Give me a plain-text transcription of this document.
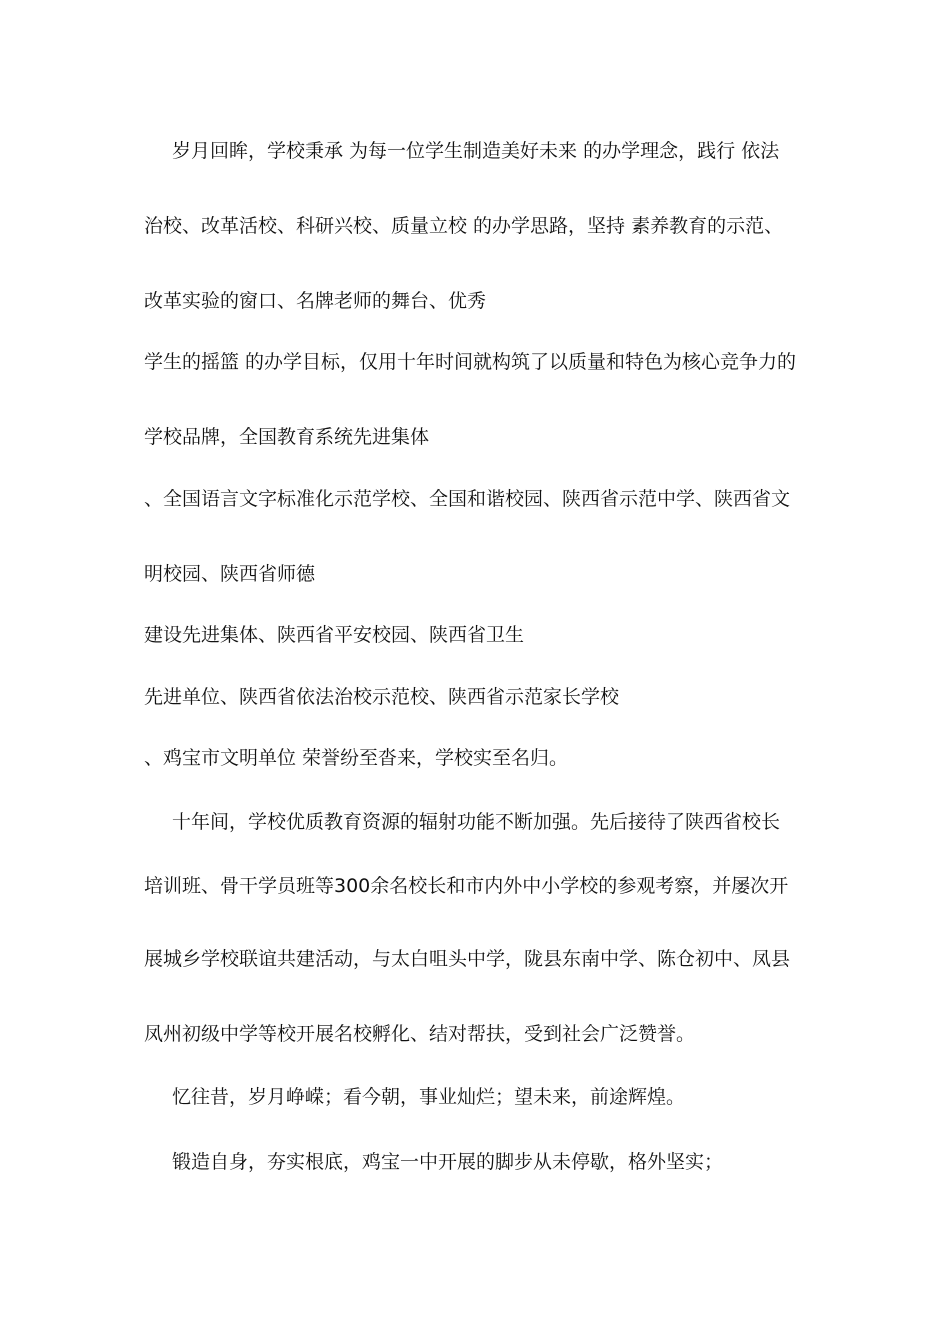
岁月回眸，学校秉承 为每一位学生制造美好未来 的办学理念，践行 依法

治校、改革活校、科研兴校、质量立校 的办学思路，坚持 素养教育的示范、

改革实验的窗口、名牌老师的舞台、优秀

学生的摇篮 的办学目标，仅用十年时间就构筑了以质量和特色为核心竞争力的

学校品牌，全国教育系统先进集体

、全国语言文字标准化示范学校、全国和谐校园、陕西省示范中学、陕西省文

明校园、陕西省师德

建设先进集体、陕西省平安校园、陕西省卫生

先进单位、陕西省依法治校示范校、陕西省示范家长学校

、鸡宝市文明单位 荣誉纷至沓来，学校实至名归。

十年间，学校优质教育资源的辐射功能不断加强。先后接待了陕西省校长

培训班、骨干学员班等300余名校长和市内外中小学校的参观考察，并屡次开

展城乡学校联谊共建活动，与太白咀头中学，陇县东南中学、陈仓初中、凤县

凤州初级中学等校开展名校孵化、结对帮扶，受到社会广泛赞誉。

忆往昔，岁月峥嵘；看今朝，事业灿烂；望未来，前途辉煌。

锻造自身，夯实根底，鸡宝一中开展的脚步从未停歇，格外坚实；
